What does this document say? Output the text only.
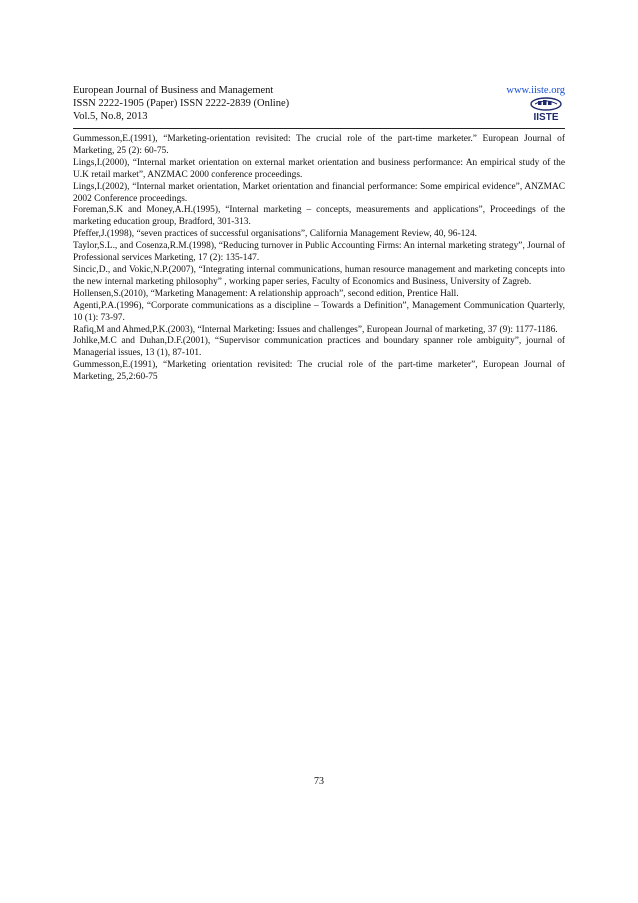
European Journal of Business and Management	www.iiste.org
ISSN 2222-1905 (Paper) ISSN 2222-2839 (Online)
Vol.5, No.8, 2013	IISTE

Gummesson,E.(1991), “Marketing-orientation revisited: The crucial role of the part-time marketer.” European Journal of Marketing, 25 (2): 60-75.

Lings,I.(2000), “Internal market orientation on external market orientation and business performance: An empirical study of the U.K retail market”, ANZMAC 2000 conference proceedings.

Lings,I.(2002), “Internal market orientation, Market orientation and financial performance: Some empirical evidence”, ANZMAC 2002 Conference proceedings.

Foreman,S.K and Money,A.H.(1995), “Internal marketing – concepts, measurements and applications”, Proceedings of the marketing education group, Bradford, 301-313.

Pfeffer,J.(1998), “seven practices of successful organisations”, California Management Review, 40, 96-124.

Taylor,S.L., and Cosenza,R.M.(1998), “Reducing turnover in Public Accounting Firms: An internal marketing strategy”, Journal of Professional services Marketing, 17 (2): 135-147.

Sincic,D., and Vokic,N.P.(2007), “Integrating internal communications, human resource management and marketing concepts into the new internal marketing philosophy” , working paper series, Faculty of Economics and Business, University of Zagreb.

Hollensen,S.(2010), “Marketing Management: A relationship approach”, second edition, Prentice Hall.

Agenti,P.A.(1996), “Corporate communications as a discipline – Towards a Definition”, Management Communication Quarterly, 10 (1): 73-97.

Rafiq,M and Ahmed,P.K.(2003), “Internal Marketing: Issues and challenges”, European Journal of marketing, 37 (9): 1177-1186.

Johlke,M.C and Duhan,D.F.(2001), “Supervisor communication practices and boundary spanner role ambiguity”, journal of Managerial issues, 13 (1), 87-101.

Gummesson,E.(1991), “Marketing orientation revisited: The crucial role of the part-time marketer”, European Journal of Marketing, 25,2:60-75

73
